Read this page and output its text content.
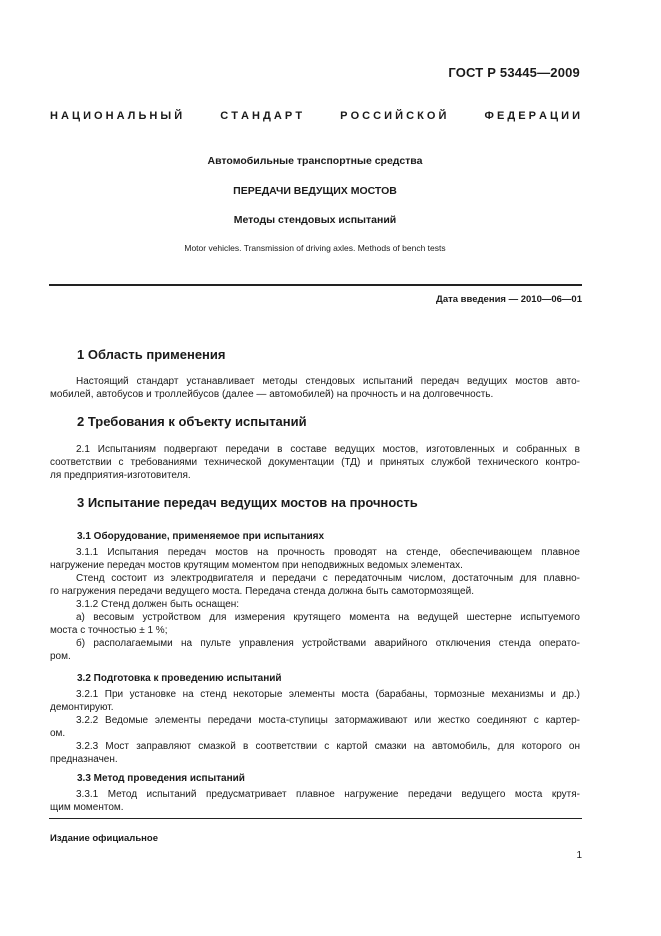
ГОСТ Р 53445—2009
Н А Ц И О Н А Л Ь Н Ы Й	С Т А Н Д А Р Т	Р О С С И Й С К О Й	Ф Е Д Е Р А Ц И И
Автомобильные транспортные средства
ПЕРЕДАЧИ ВЕДУЩИХ МОСТОВ
Методы стендовых испытаний
Motor vehicles. Transmission of driving axles. Methods of bench tests
Дата введения — 2010—06—01
1 Область применения
Настоящий стандарт устанавливает методы стендовых испытаний передач ведущих мостов авто-
мобилей, автобусов и троллейбусов (далее — автомобилей) на прочность и на долговечность.
2 Требования к объекту испытаний
2.1 Испытаниям подвергают передачи в составе ведущих мостов, изготовленных и собранных в
соответствии с требованиями технической документации (ТД) и принятых службой технического контро-
ля предприятия-изготовителя.
3 Испытание передач ведущих мостов на прочность
3.1 Оборудование, применяемое при испытаниях
3.1.1 Испытания передач мостов на прочность проводят на стенде, обеспечивающем плавное
нагружение передач мостов крутящим моментом при неподвижных ведомых элементах.
Стенд состоит из электродвигателя и передачи с передаточным числом, достаточным для плавно-
го нагружения передачи ведущего моста. Передача стенда должна быть самотормозящей.
3.1.2 Стенд должен быть оснащен:
а) весовым устройством для измерения крутящего момента на ведущей шестерне испытуемого
моста с точностью ± 1 %;
б) располагаемыми на пульте управления устройствами аварийного отключения стенда операто-
ром.
3.2 Подготовка к проведению испытаний
3.2.1 При установке на стенд некоторые элементы моста (барабаны, тормозные механизмы и др.)
демонтируют.
3.2.2 Ведомые элементы передачи моста-ступицы затормаживают или жестко соединяют с картер-
ом.
3.2.3 Мост заправляют смазкой в соответствии с картой смазки на автомобиль, для которого он
предназначен.
3.3 Метод проведения испытаний
3.3.1 Метод испытаний предусматривает плавное нагружение передачи ведущего моста крутя-
щим моментом.
Издание официальное
1
